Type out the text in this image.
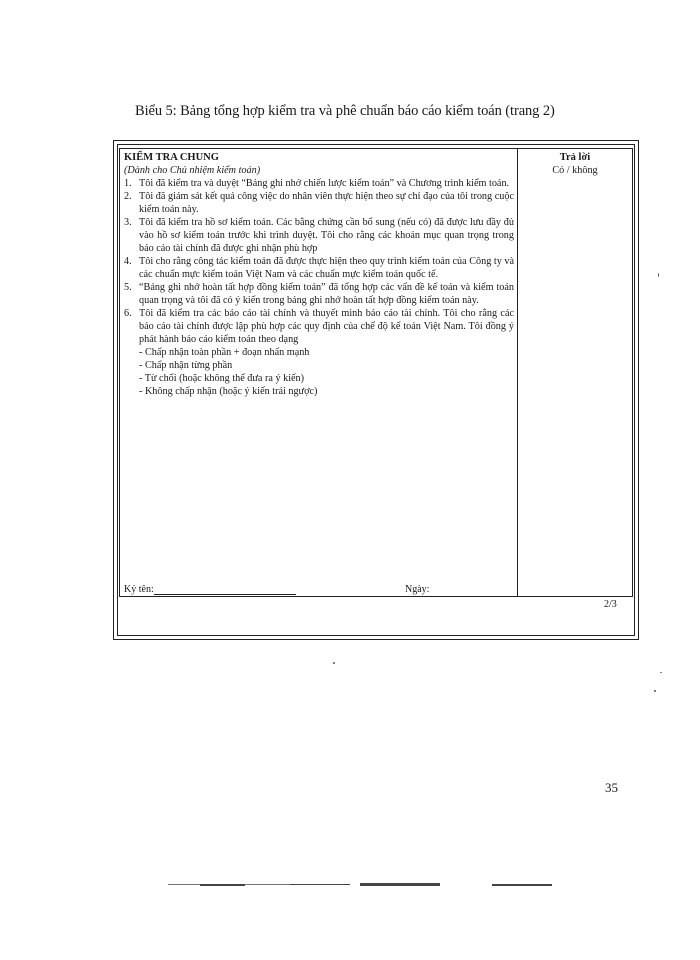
Biểu 5: Bảng tổng hợp kiểm tra và phê chuẩn báo cáo kiểm toán (trang 2)
KIỂM TRA CHUNG
(Dành cho Chủ nhiệm kiểm toán)
1. Tôi đã kiểm tra và duyệt “Bảng ghi nhớ chiến lược kiểm toán” và Chương trình kiểm toán.
2. Tôi đã giám sát kết quả công việc do nhân viên thực hiện theo sự chỉ đạo của tôi trong cuộc kiểm toán này.
3. Tôi đã kiểm tra hồ sơ kiểm toán. Các bằng chứng cần bổ sung (nếu có) đã được lưu đầy đủ vào hồ sơ kiểm toán trước khi trình duyệt. Tôi cho rằng các khoản mục quan trọng trong báo cáo tài chính đã được ghi nhận phù hợp
4. Tôi cho rằng công tác kiểm toán đã được thực hiện theo quy trình kiểm toán của Công ty và các chuẩn mực kiểm toán Việt Nam và các chuẩn mực kiểm toán quốc tế.
5. “Bảng ghi nhớ hoàn tất hợp đồng kiểm toán” đã tổng hợp các vấn đề kế toán và kiểm toán quan trọng và tôi đã có ý kiến trong bảng ghi nhớ hoàn tất hợp đồng kiểm toán này.
6. Tôi đã kiểm tra các báo cáo tài chính và thuyết minh báo cáo tài chính. Tôi cho rằng các báo cáo tài chính được lập phù hợp các quy định của chế độ kế toán Việt Nam. Tôi đồng ý phát hành báo cáo kiểm toán theo dạng
- Chấp nhận toàn phần + đoạn nhấn mạnh
- Chấp nhận từng phần
- Từ chối (hoặc không thể đưa ra ý kiến)
- Không chấp nhận (hoặc ý kiến trái ngược)
Trả lời
Có / không
Ký tên:	Ngày:
2/3
35
